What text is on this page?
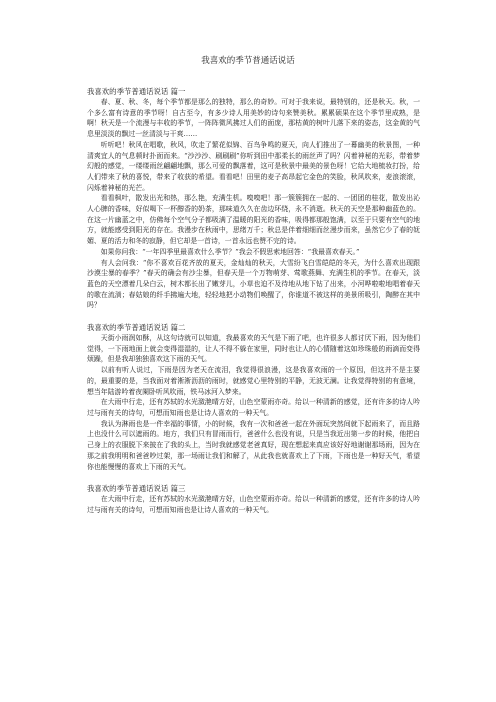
我喜欢的季节普通话说话
我喜欢的季节普通话说话 篇一

春、夏、秋、冬，每个季节都是那么的独特，那么的奇妙。可对于我来说，最特别的，还是秋天。秋，一个多么富有诗意的季节呀！自古至今，有多少诗人用美妙的诗句来赞美秋。累累硕果在这个季节里成熟，是啊！秋天是一个流漫与丰收的季节，一阵阵微风拂过人们的面庞，那枯黄的树叶儿落下来的姿态，这金黄的气息里淡淡的飘过一丝清淡与干爽……

听听吧！秋风在唱歌，秋风，吹走了繁花似锦、百鸟争鸣的夏天，向人们推出了一幕幽美的秋景图，一种清爽宜人的气息顿时扑面而来。“沙沙沙、刷刷刷”你听到田中那柔长的雨丝声了吗？闪着神秘的光彩，带着梦幻般的感觉，一缕缕雨丝翩翩地飘，那么可爱的飘落着，这可是秋景中最美的景色呀！它给大地梳妆打扮，给人们带来了秋的喜悦，带来了收获的希望。看看吧！田里的麦子高昂起它金色的笑脸，秋风吹来，麦浪滚滚，闪烁着神秘的光芒。

看看枫叶，散发出光和热，那么艳，充满生机。嗅嗅吧！那一簇簇拥在一起的、一团团的桂花，散发出沁人心脾的香味，好似喝下一杯醇香的奶茶，那味道久久在齿边环绕，永不消逝。秋天的天空是那种幽蓝色的。在这一片幽蓝之中，仿佛每个空气分子都吸满了温暖的阳光的香味，吸得都那般饱满，以至于只要有空气的地方，就能感受到阳光的存在。我漫步在秋雨中，思绪万千；秋总是伴着细细而丝漫步而来，虽然它少了春的妩媚、夏的活力和冬的寂静，但它却是一首诗，一首永远也赞不完的诗。

如果你问我：“一年四季里最喜欢什么季节？”我会不假思索地回答：“我最喜欢春天。”

有人会问我：“你不喜欢百花齐放的夏天，金灿灿的秋天，大雪纷飞白雪皑皑的冬天，为什么喜欢出现跟沙漠尘暴的春季？”春天的确会有沙尘暴，但春天是一个万物萌芽、莺歌燕舞、充满生机的季节。在春天，淡蓝色的天空漂着几朵白云，树木都长出了嫩芽儿，小草也迫不及待地从地下钻了出来，小河哗啦啦地唱着春天的歌在流淌；春姑娘的纤手拂遍大地，轻轻地把小动物们唤醒了，你谁道不被这样的美景所吸引，陶醉在其中吗？

我喜欢的季节普通话说话 篇二

天街小雨润如酥，从这句诗就可以知道，我最喜欢的天气是下雨了吧，也许很多人都讨厌下雨，因为他们觉得，一下雨地面上就会变得湿湿的，让人不得不躲在家里，同时也让人的心情随着这如珍珠般的雨滴而变得烦躁，但是我却独独喜欢这下雨的天气。

以前有听人说过，下雨是因为老天在流泪，我觉得很浪漫，这是我喜欢雨的一个原因，但这并不是主要的，最重要的是，当我面对着淅淅沥沥的雨时，就感觉心里特别的平静，无波无澜。让我觉得特别的有意境，想当年陆游吟着夜阑卧听风吹雨，铁马冰河入梦来。

在大雨中行走，还有苏轼的水光潋滟晴方好，山色空蒙雨亦奇。给以一种清新的感觉，还有许多的诗人吟过与雨有关的诗句，可想而知雨也是让诗人喜欢的一种天气。

我认为淋雨也是一件幸福的事情，小的时候，我有一次和爸爸一起在外面玩突然间就下起雨来了，而且路上也没什么可以遮雨的。地方，我们只有冒雨而行，爸爸什么也没有说，只是当我近出第一步的时候，他把自己身上的衣服脱下来披在了我的头上，当时我就感觉老爸真好，现在想起来真应该好好地谢谢那场雨，因为在那之前我明明和爸爸吵过架，那一场雨让我们和解了，从此我也就喜欢上了下雨，下雨也是一种好天气，希望你也能慢慢的喜欢上下雨的天气。

我喜欢的季节普通话说话 篇三

在大雨中行走，还有苏轼的水光潋滟晴方好，山色空蒙雨亦奇。给以一种清新的感觉，还有许多的诗人吟过与雨有关的诗句，可想而知雨也是让诗人喜欢的一种天气。
